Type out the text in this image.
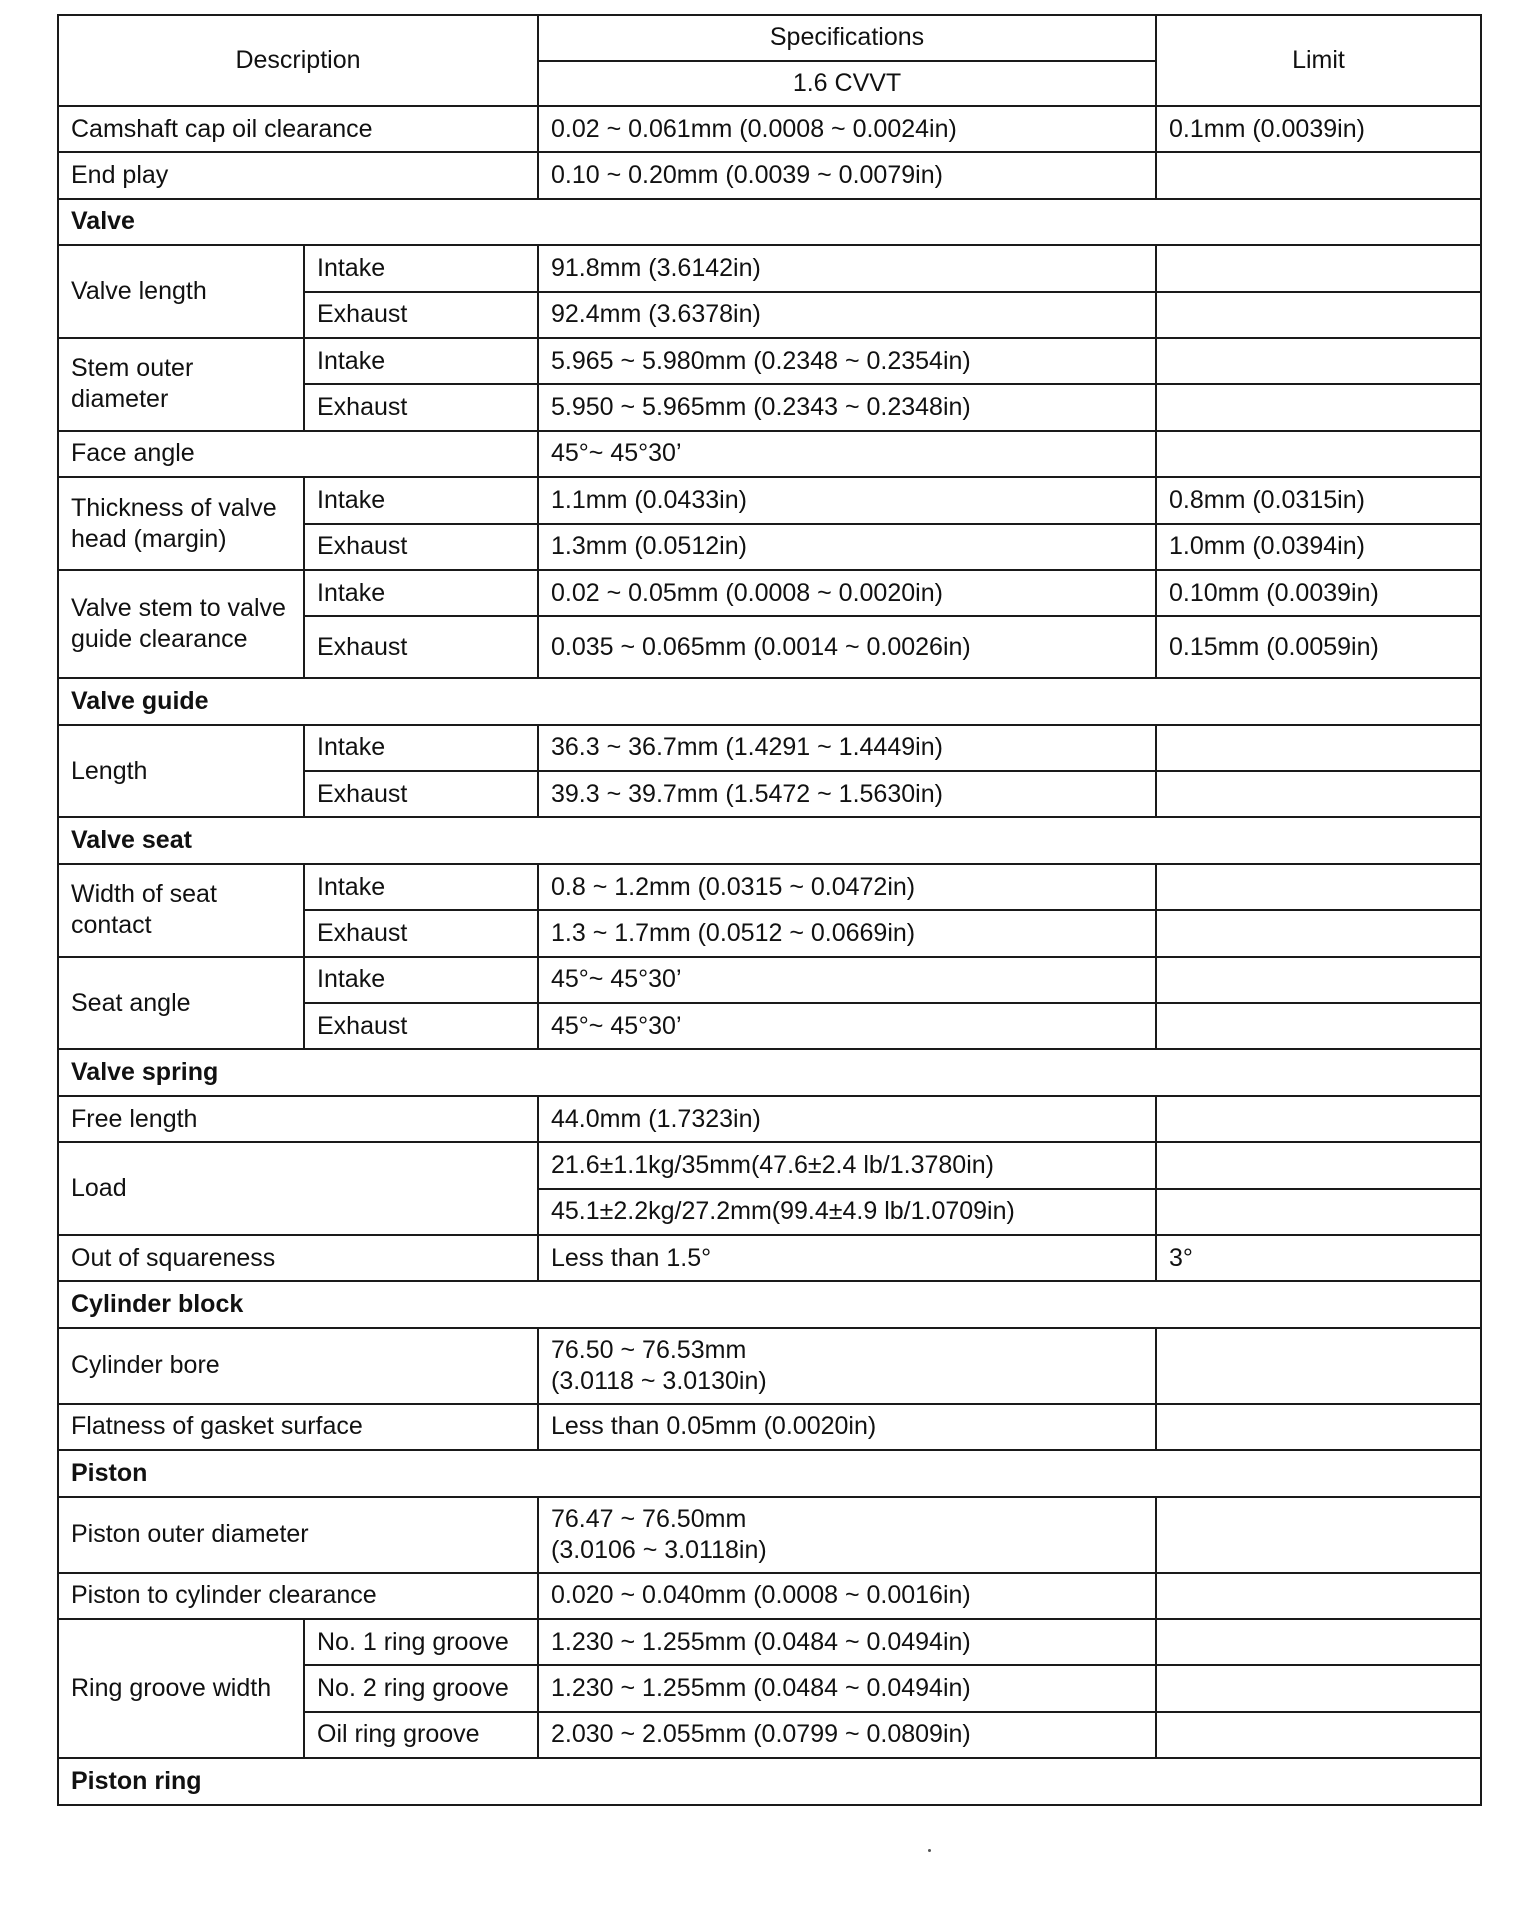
Description		Specifications	Limit
		1.6 CVVT	
Camshaft cap oil clearance		0.02 ~ 0.061mm (0.0008 ~ 0.0024in)	0.1mm (0.0039in)
End play		0.10 ~ 0.20mm (0.0039 ~ 0.0079in)	
Valve			
Valve length	Intake	91.8mm (3.6142in)	
	Exhaust	92.4mm (3.6378in)	
Stem outer diameter	Intake	5.965 ~ 5.980mm (0.2348 ~ 0.2354in)	
	Exhaust	5.950 ~ 5.965mm (0.2343 ~ 0.2348in)	
Face angle		45°~ 45°30’	
Thickness of valve head (margin)	Intake	1.1mm (0.0433in)	0.8mm (0.0315in)
	Exhaust	1.3mm (0.0512in)	1.0mm (0.0394in)
Valve stem to valve guide clearance	Intake	0.02 ~ 0.05mm (0.0008 ~ 0.0020in)	0.10mm (0.0039in)
	Exhaust	0.035 ~ 0.065mm (0.0014 ~ 0.0026in)	0.15mm (0.0059in)
Valve guide			
Length	Intake	36.3 ~ 36.7mm (1.4291 ~ 1.4449in)	
	Exhaust	39.3 ~ 39.7mm (1.5472 ~ 1.5630in)	
Valve seat			
Width of seat contact	Intake	0.8 ~ 1.2mm (0.0315 ~ 0.0472in)	
	Exhaust	1.3 ~ 1.7mm (0.0512 ~ 0.0669in)	
Seat angle	Intake	45°~ 45°30’	
	Exhaust	45°~ 45°30’	
Valve spring			
Free length		44.0mm (1.7323in)	
Load		21.6±1.1kg/35mm(47.6±2.4 lb/1.3780in)	
		45.1±2.2kg/27.2mm(99.4±4.9 lb/1.0709in)	
Out of squareness		Less than 1.5°	3°
Cylinder block			
Cylinder bore		76.50 ~ 76.53mm
(3.0118 ~ 3.0130in)	
Flatness of gasket surface		Less than 0.05mm (0.0020in)	
Piston			
Piston outer diameter		76.47 ~ 76.50mm
(3.0106 ~ 3.0118in)	
Piston to cylinder clearance		0.020 ~ 0.040mm (0.0008 ~ 0.0016in)	
Ring groove width	No. 1 ring groove	1.230 ~ 1.255mm (0.0484 ~ 0.0494in)	
	No. 2 ring groove	1.230 ~ 1.255mm (0.0484 ~ 0.0494in)	
	Oil ring groove	2.030 ~ 2.055mm (0.0799 ~ 0.0809in)	
Piston ring			
